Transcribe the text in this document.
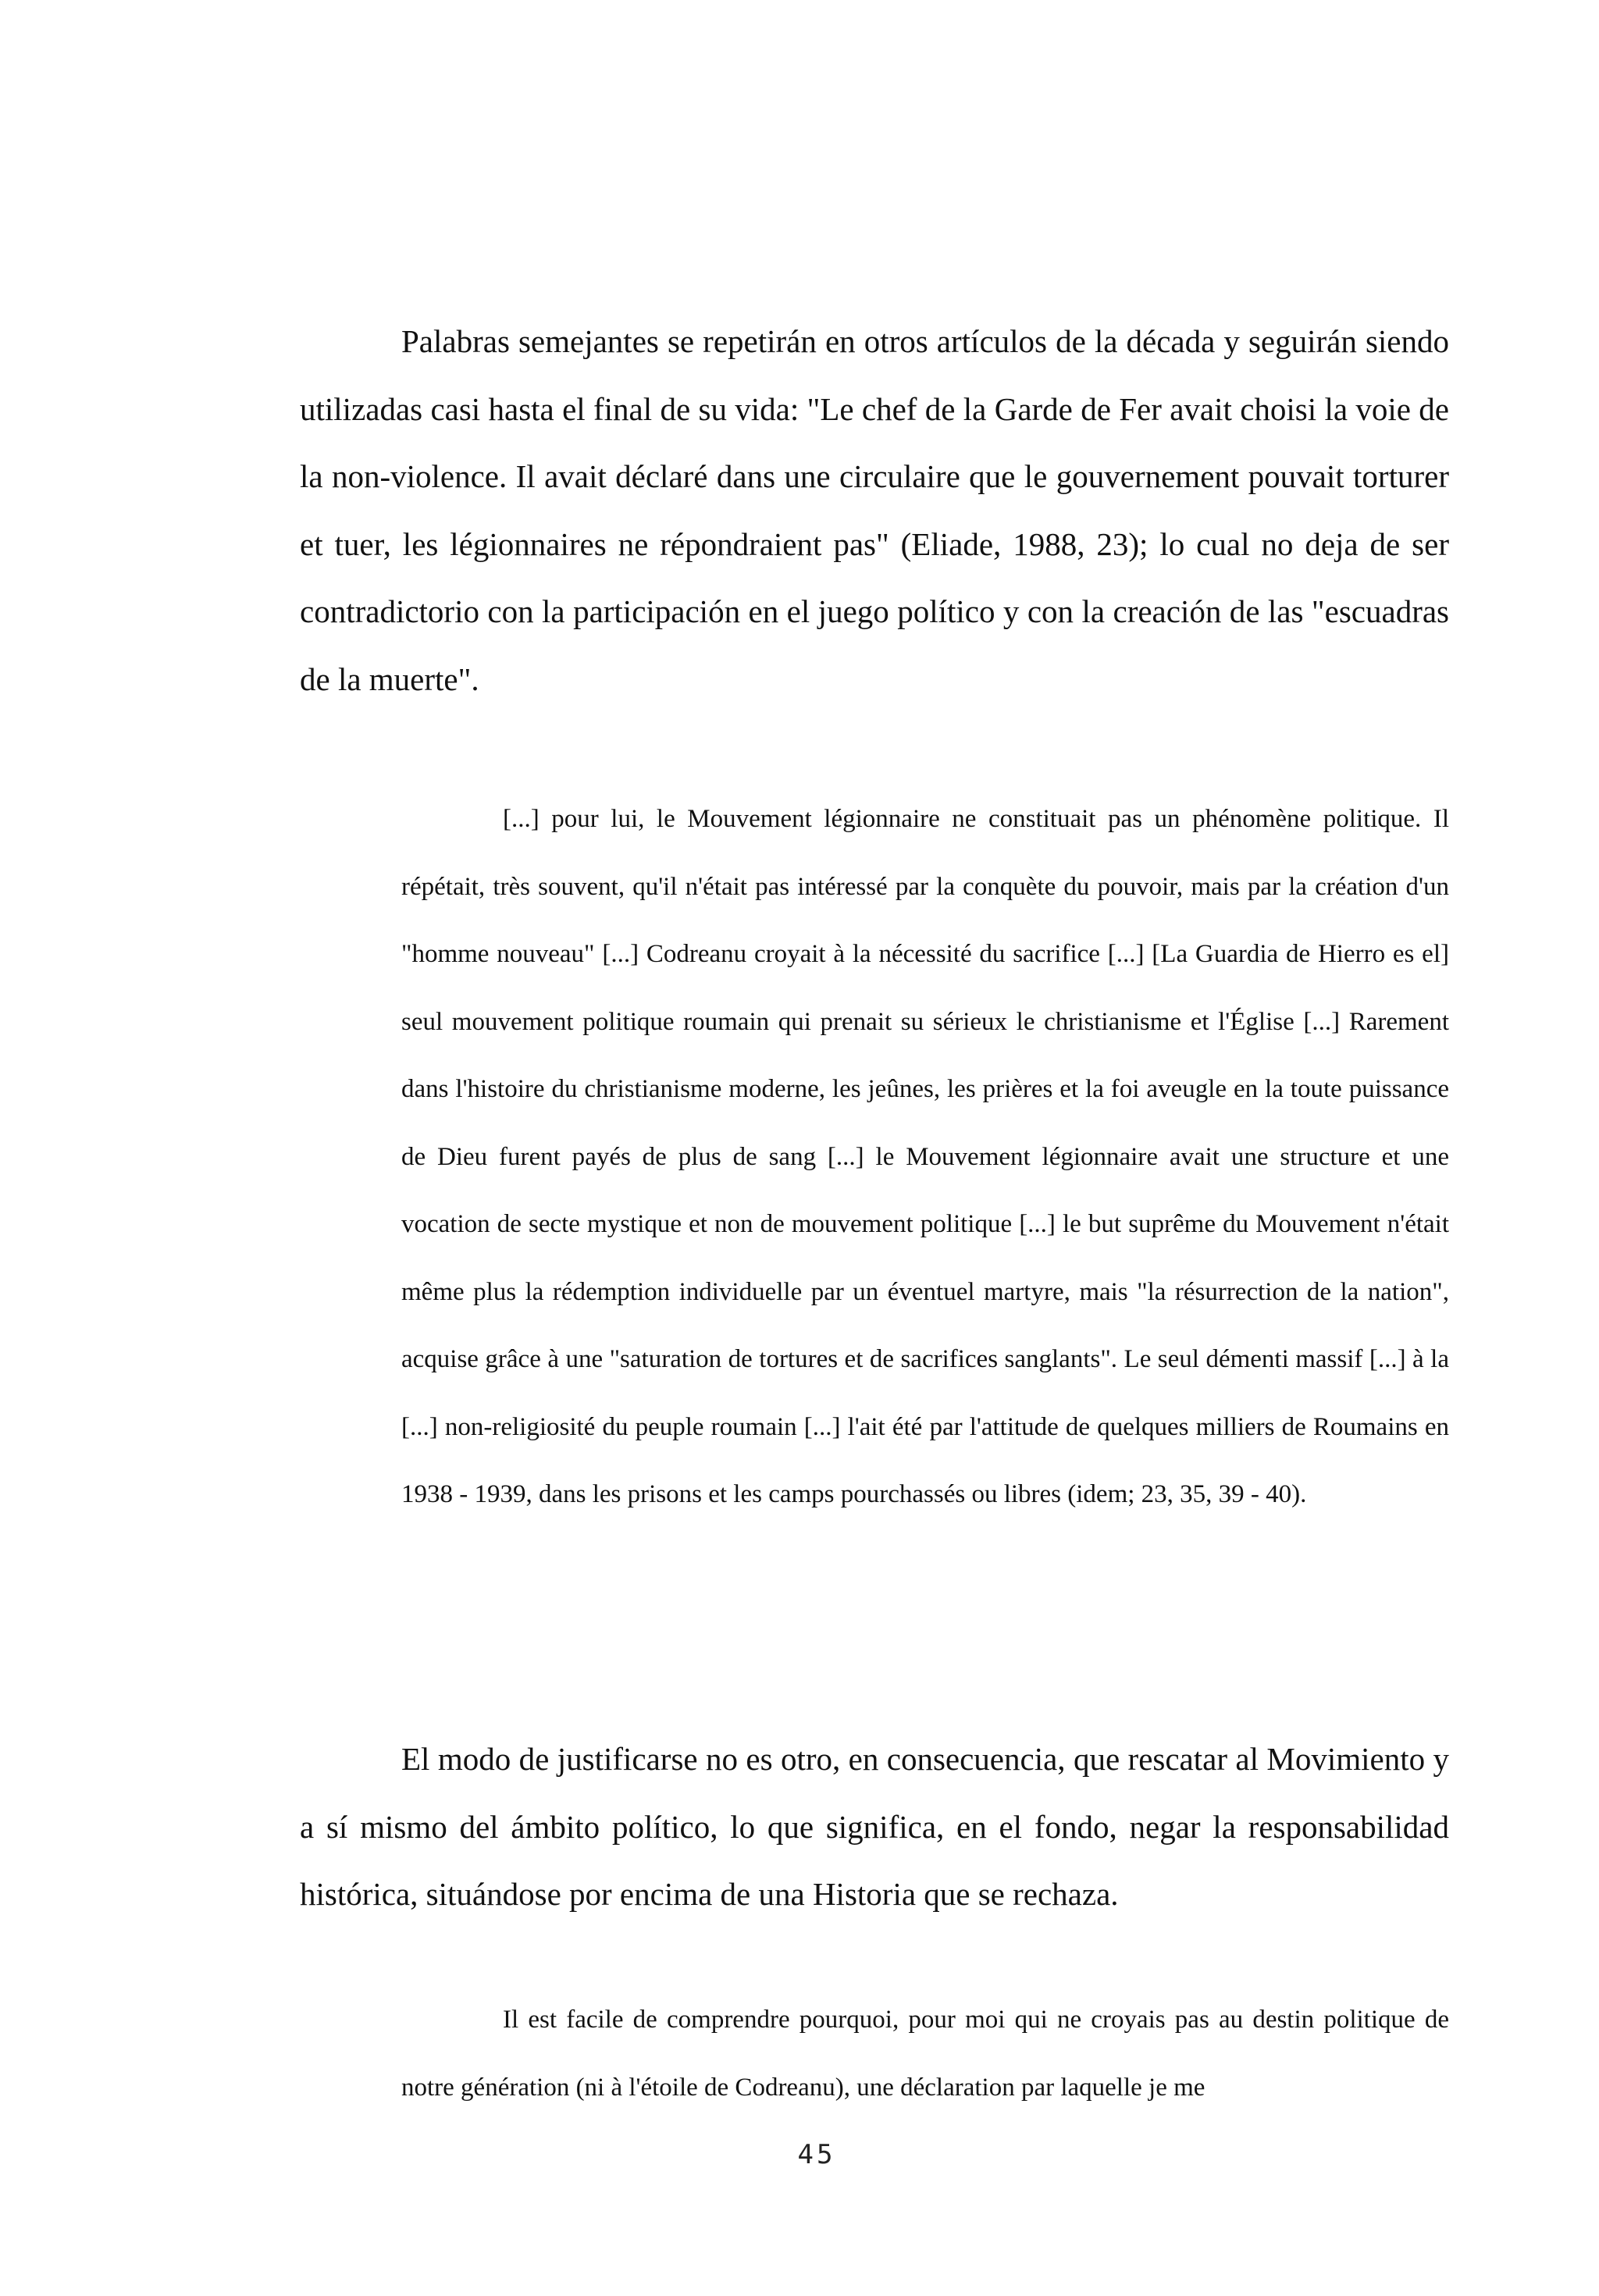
Palabras semejantes se repetirán en otros artículos de la década y seguirán siendo utilizadas casi hasta el final de su vida: "Le chef de la Garde de Fer avait choisi la voie de la non-violence. Il avait déclaré dans une circulaire que le gouvernement pouvait torturer et tuer, les légionnaires ne répondraient pas" (Eliade, 1988, 23); lo cual no deja de ser contradictorio con la participación en el juego político y con la creación de las "escuadras de la muerte".

[...] pour lui, le Mouvement légionnaire ne constituait pas un phénomène politique. Il répétait, très souvent, qu'il n'était pas intéressé par la conquète du pouvoir, mais par la création d'un "homme nouveau" [...] Codreanu croyait à la nécessité du sacrifice [...] [La Guardia de Hierro es el] seul mouvement politique roumain qui prenait su sérieux le christianisme et l'Église [...] Rarement dans l'histoire du christianisme moderne, les jeûnes, les prières et la foi aveugle en la toute puissance de Dieu furent payés de plus de sang [...] le Mouvement légionnaire avait une structure et une vocation de secte mystique et non de mouvement politique [...] le but suprême du Mouvement n'était même plus la rédemption individuelle par un éventuel martyre, mais "la résurrection de la nation", acquise grâce à une "saturation de tortures et de sacrifices sanglants". Le seul démenti massif [...] à la [...] non-religiosité du peuple roumain [...] l'ait été par l'attitude de quelques milliers de Roumains en 1938 - 1939, dans les prisons et les camps pourchassés ou libres (idem; 23, 35, 39 - 40).

El modo de justificarse no es otro, en consecuencia, que rescatar al Movimiento y a sí mismo del ámbito político, lo que significa, en el fondo, negar la responsabilidad histórica, situándose por encima de una Historia que se rechaza.

Il est facile de comprendre pourquoi, pour moi qui ne croyais pas au destin politique de notre génération (ni à l'étoile de Codreanu), une déclaration par laquelle je me

45
